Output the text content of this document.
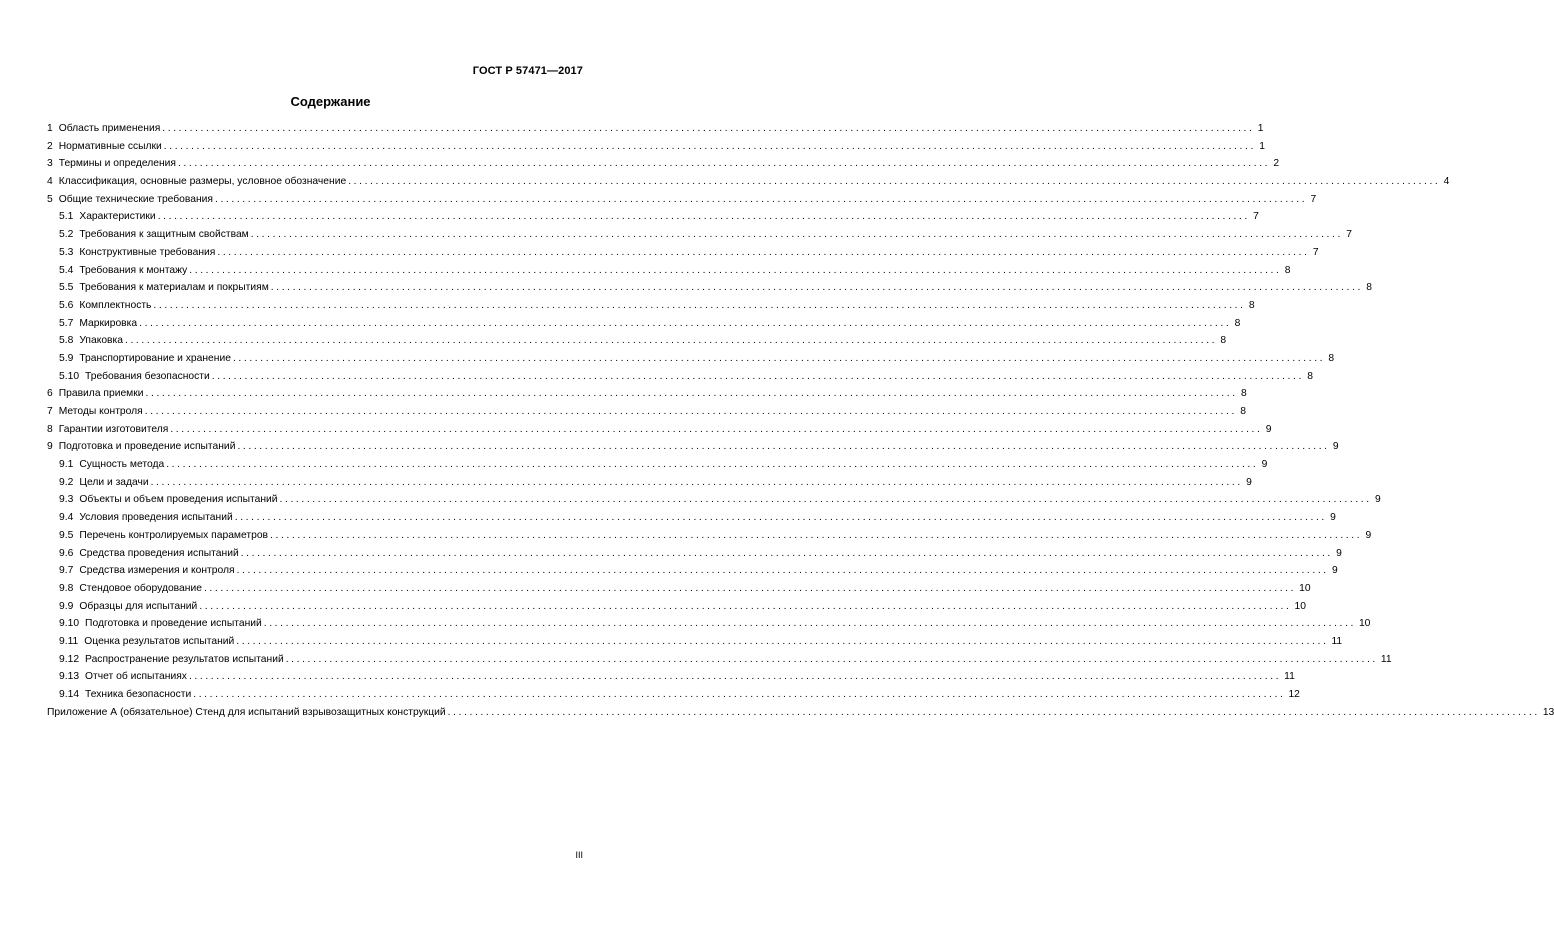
ГОСТ Р 57471—2017
Содержание
1 Область применения ........................................................................................................................................................................................................ 1
2 Нормативные ссылки ........................................................................................................................................................................................................ 1
3 Термины и определения ........................................................................................................................................................................................................ 2
4 Классификация, основные размеры, условное обозначение ........................................................................................................................................................................................................ 4
5 Общие технические требования ........................................................................................................................................................................................................ 7
5.1 Характеристики ........................................................................................................................................................................................................ 7
5.2 Требования к защитным свойствам ........................................................................................................................................................................................................ 7
5.3 Конструктивные требования ........................................................................................................................................................................................................ 7
5.4 Требования к монтажу ........................................................................................................................................................................................................ 8
5.5 Требования к материалам и покрытиям ........................................................................................................................................................................................................ 8
5.6 Комплектность ........................................................................................................................................................................................................ 8
5.7 Маркировка ........................................................................................................................................................................................................ 8
5.8 Упаковка ........................................................................................................................................................................................................ 8
5.9 Транспортирование и хранение ........................................................................................................................................................................................................ 8
5.10 Требования безопасности ........................................................................................................................................................................................................ 8
6 Правила приемки ........................................................................................................................................................................................................ 8
7 Методы контроля ........................................................................................................................................................................................................ 8
8 Гарантии изготовителя ........................................................................................................................................................................................................ 9
9 Подготовка и проведение испытаний ........................................................................................................................................................................................................ 9
9.1 Сущность метода ........................................................................................................................................................................................................ 9
9.2 Цели и задачи ........................................................................................................................................................................................................ 9
9.3 Объекты и объем проведения испытаний ........................................................................................................................................................................................................ 9
9.4 Условия проведения испытаний ........................................................................................................................................................................................................ 9
9.5 Перечень контролируемых параметров ........................................................................................................................................................................................................ 9
9.6 Средства проведения испытаний ........................................................................................................................................................................................................ 9
9.7 Средства измерения и контроля ........................................................................................................................................................................................................ 9
9.8 Стендовое оборудование ........................................................................................................................................................................................................ 10
9.9 Образцы для испытаний ........................................................................................................................................................................................................ 10
9.10 Подготовка и проведение испытаний ........................................................................................................................................................................................................ 10
9.11 Оценка результатов испытаний ........................................................................................................................................................................................................ 11
9.12 Распространение результатов испытаний ........................................................................................................................................................................................................ 11
9.13 Отчет об испытаниях ........................................................................................................................................................................................................ 11
9.14 Техника безопасности ........................................................................................................................................................................................................ 12
Приложение А (обязательное) Стенд для испытаний взрывозащитных конструкций ........................................................................................................................................................................................................ 13
III
